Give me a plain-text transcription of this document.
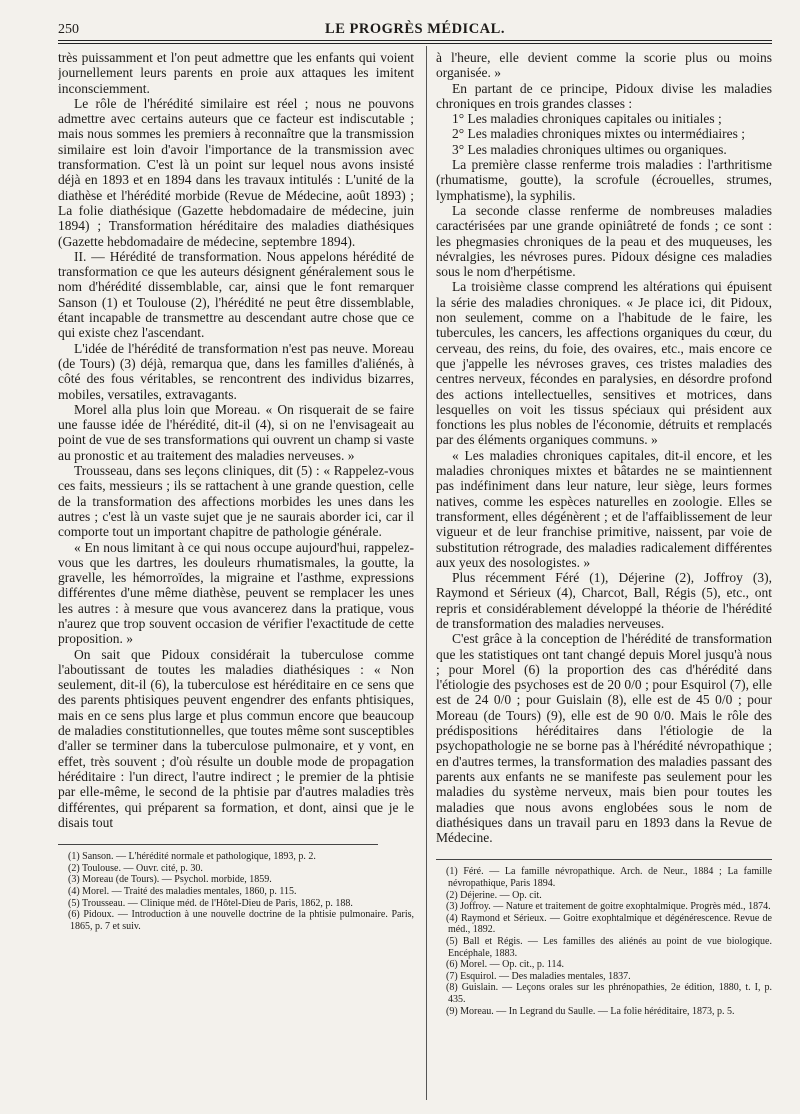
250	LE PROGRÈS MÉDICAL.

très puissamment et l'on peut admettre que les enfants qui voient journellement leurs parents en proie aux attaques les imitent inconsciemment.

Le rôle de l'hérédité similaire est réel ; nous ne pouvons admettre avec certains auteurs que ce facteur est indiscutable ; mais nous sommes les premiers à reconnaître que la transmission similaire est loin d'avoir l'importance de la transmission avec transformation. C'est là un point sur lequel nous avons insisté déjà en 1893 et en 1894 dans les travaux intitulés : L'unité de la diathèse et l'hérédité morbide (Revue de Médecine, août 1893) ; La folie diathésique (Gazette hebdomadaire de médecine, juin 1894) ; Transformation héréditaire des maladies diathésiques (Gazette hebdomadaire de médecine, septembre 1894).

II. — Hérédité de transformation. Nous appelons hérédité de transformation ce que les auteurs désignent généralement sous le nom d'hérédité dissemblable, car, ainsi que le font remarquer Sanson (1) et Toulouse (2), l'hérédité ne peut être dissemblable, étant incapable de transmettre au descendant autre chose que ce qui existe chez l'ascendant.

L'idée de l'hérédité de transformation n'est pas neuve. Moreau (de Tours) (3) déjà, remarqua que, dans les familles d'aliénés, à côté des fous véritables, se rencontrent des individus bizarres, mobiles, versatiles, extravagants.

Morel alla plus loin que Moreau. « On risquerait de se faire une fausse idée de l'hérédité, dit-il (4), si on ne l'envisageait au point de vue de ses transformations qui ouvrent un champ si vaste au pronostic et au traitement des maladies nerveuses. »

Trousseau, dans ses leçons cliniques, dit (5) : « Rappelez-vous ces faits, messieurs ; ils se rattachent à une grande question, celle de la transformation des affections morbides les unes dans les autres ; c'est là un vaste sujet que je ne saurais aborder ici, car il comporte tout un important chapitre de pathologie générale.

« En nous limitant à ce qui nous occupe aujourd'hui, rappelez-vous que les dartres, les douleurs rhumatismales, la goutte, la gravelle, les hémorroïdes, la migraine et l'asthme, expressions différentes d'une même diathèse, peuvent se remplacer les unes les autres : à mesure que vous avancerez dans la pratique, vous n'aurez que trop souvent occasion de vérifier l'exactitude de cette proposition. »

On sait que Pidoux considérait la tuberculose comme l'aboutissant de toutes les maladies diathésiques : « Non seulement, dit-il (6), la tuberculose est héréditaire en ce sens que des parents phtisiques peuvent engendrer des enfants phtisiques, mais en ce sens plus large et plus commun encore que beaucoup de maladies constitutionnelles, que toutes même sont susceptibles d'aller se terminer dans la tuberculose pulmonaire, et y vont, en effet, très souvent ; d'où résulte un double mode de propagation héréditaire : l'un direct, l'autre indirect ; le premier de la phtisie par elle-même, le second de la phtisie par d'autres maladies très différentes, qui préparent sa formation, et dont, ainsi que je le disais tout

(1) Sanson. — L'hérédité normale et pathologique, 1893, p. 2.

(2) Toulouse. — Ouvr. cité, p. 30.

(3) Moreau (de Tours). — Psychol. morbide, 1859.

(4) Morel. — Traité des maladies mentales, 1860, p. 115.

(5) Trousseau. — Clinique méd. de l'Hôtel-Dieu de Paris, 1862, p. 188.

(6) Pidoux. — Introduction à une nouvelle doctrine de la phtisie pulmonaire. Paris, 1865, p. 7 et suiv.

à l'heure, elle devient comme la scorie plus ou moins organisée. »

En partant de ce principe, Pidoux divise les maladies chroniques en trois grandes classes :

1° Les maladies chroniques capitales ou initiales ;

2° Les maladies chroniques mixtes ou intermédiaires ;

3° Les maladies chroniques ultimes ou organiques.

La première classe renferme trois maladies : l'arthritisme (rhumatisme, goutte), la scrofule (écrouelles, strumes, lymphatisme), la syphilis.

La seconde classe renferme de nombreuses maladies caractérisées par une grande opiniâtreté de fonds ; ce sont : les phegmasies chroniques de la peau et des muqueuses, les névralgies, les névroses pures. Pidoux désigne ces maladies sous le nom d'herpétisme.

La troisième classe comprend les altérations qui épuisent la série des maladies chroniques. « Je place ici, dit Pidoux, non seulement, comme on a l'habitude de le faire, les tubercules, les cancers, les affections organiques du cœur, du cerveau, des reins, du foie, des ovaires, etc., mais encore ce que j'appelle les névroses graves, ces tristes maladies des centres nerveux, fécondes en paralysies, en désordre profond des actions intellectuelles, sensitives et motrices, dans lesquelles on voit les tissus spéciaux qui président aux fonctions les plus nobles de l'économie, détruits et remplacés par des éléments organiques communs. »

« Les maladies chroniques capitales, dit-il encore, et les maladies chroniques mixtes et bâtardes ne se maintiennent pas indéfiniment dans leur nature, leur siège, leurs formes natives, comme les espèces naturelles en zoologie. Elles se transforment, elles dégénèrent ; et de l'affaiblissement de leur vigueur et de leur franchise primitive, naissent, par voie de substitution rétrograde, des maladies radicalement différentes aux yeux des nosologistes. »

Plus récemment Féré (1), Déjerine (2), Joffroy (3), Raymond et Sérieux (4), Charcot, Ball, Régis (5), etc., ont repris et considérablement développé la théorie de l'hérédité de transformation des maladies nerveuses.

C'est grâce à la conception de l'hérédité de transformation que les statistiques ont tant changé depuis Morel jusqu'à nous ; pour Morel (6) la proportion des cas d'hérédité dans l'étiologie des psychoses est de 20 0/0 ; pour Esquirol (7), elle est de 24 0/0 ; pour Guislain (8), elle est de 45 0/0 ; pour Moreau (de Tours) (9), elle est de 90 0/0. Mais le rôle des prédispositions héréditaires dans l'étiologie de la psychopathologie ne se borne pas à l'hérédité névropathique ; en d'autres termes, la transformation des maladies passant des parents aux enfants ne se manifeste pas seulement pour les maladies du système nerveux, mais bien pour toutes les maladies que nous avons englobées sous le nom de diathésiques dans un travail paru en 1893 dans la Revue de Médecine.

(1) Féré. — La famille névropathique. Arch. de Neur., 1884 ; La famille névropathique, Paris 1894.

(2) Déjerine. — Op. cit.

(3) Joffroy. — Nature et traitement de goitre exophtalmique. Progrès méd., 1874.

(4) Raymond et Sérieux. — Goitre exophtalmique et dégénérescence. Revue de méd., 1892.

(5) Ball et Régis. — Les familles des aliénés au point de vue biologique. Encéphale, 1883.

(6) Morel. — Op. cit., p. 114.

(7) Esquirol. — Des maladies mentales, 1837.

(8) Guislain. — Leçons orales sur les phrénopathies, 2e édition, 1880, t. I, p. 435.

(9) Moreau. — In Legrand du Saulle. — La folie héréditaire, 1873, p. 5.
